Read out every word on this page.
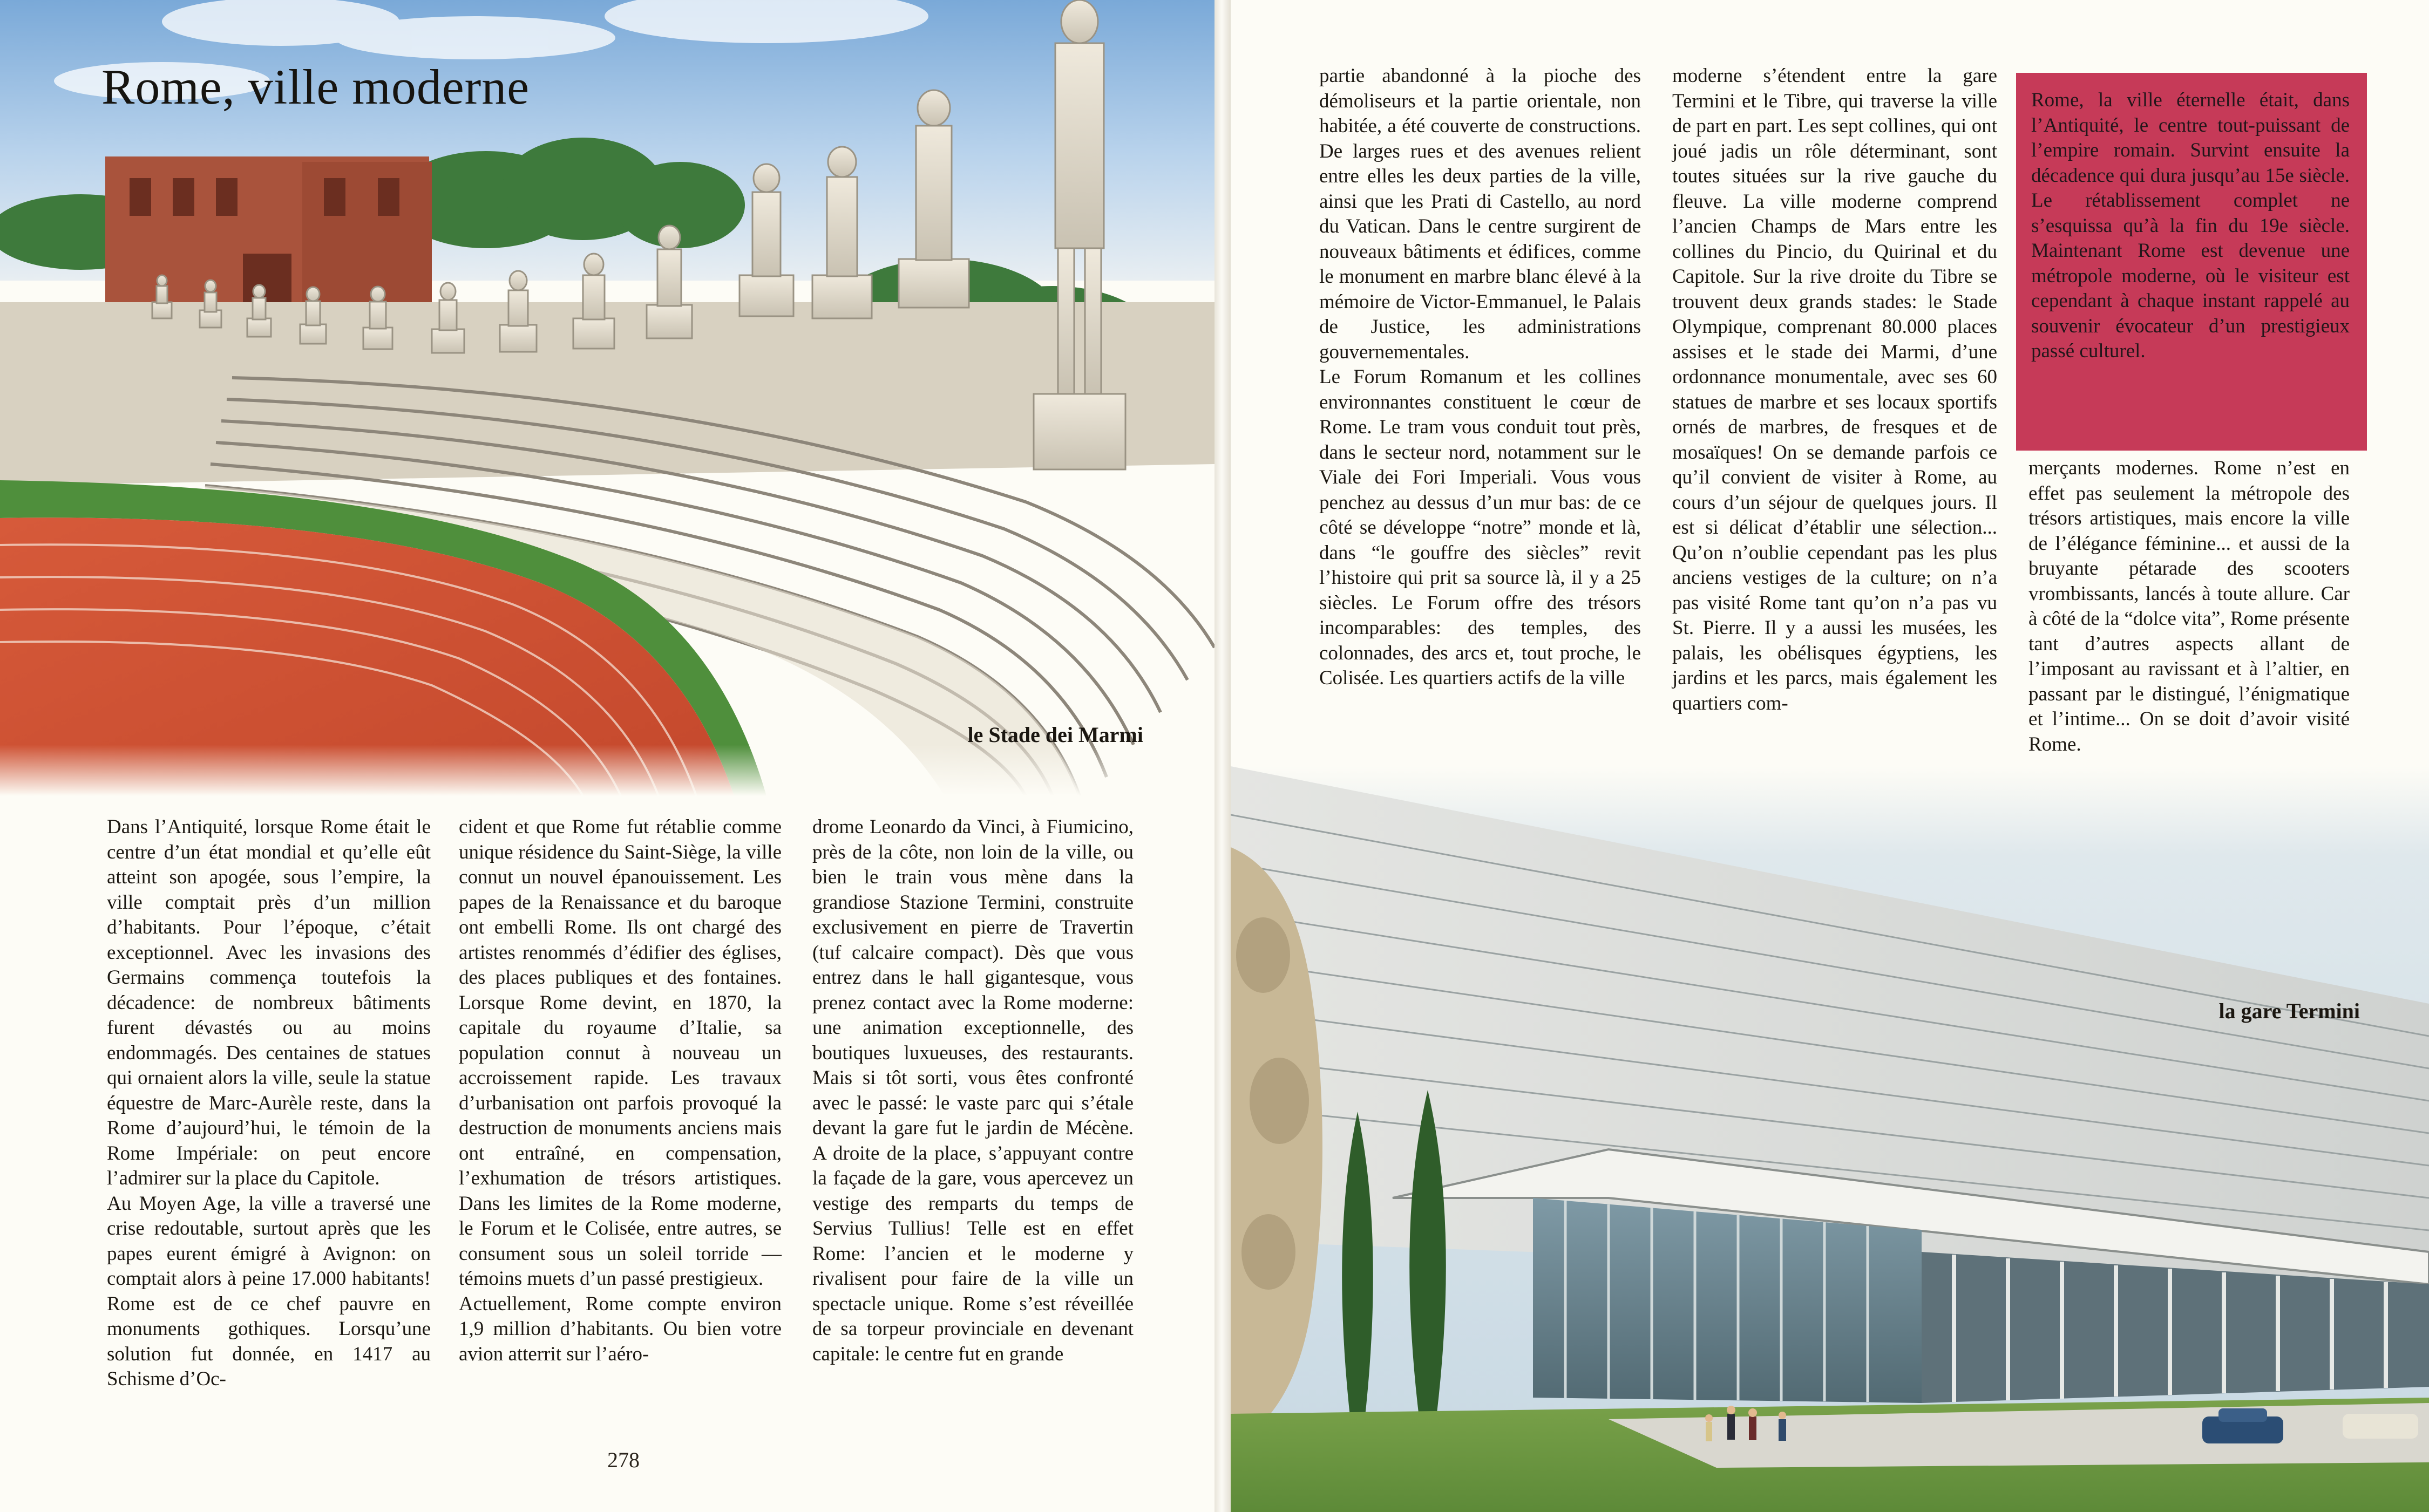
Rome, ville moderne
le Stade dei Marmi

Dans l’Antiquité, lorsque Rome était le centre d’un état mondial et qu’elle eût atteint son apogée, sous l’empire, la ville comptait près d’un million d’habitants. Pour l’époque, c’était exceptionnel. Avec les invasions des Germains commença toutefois la décadence: de nombreux bâtiments furent dévastés ou au moins endommagés. Des centaines de statues qui ornaient alors la ville, seule la statue équestre de Marc-Aurèle reste, dans la Rome d’aujourd’hui, le témoin de la Rome Impériale: on peut encore l’admirer sur la place du Capitole.

Au Moyen Age, la ville a traversé une crise redoutable, surtout après que les papes eurent émigré à Avignon: on comptait alors à peine 17.000 habitants! Rome est de ce chef pauvre en monuments gothiques. Lorsqu’une solution fut donnée, en 1417 au Schisme d’Oc-

cident et que Rome fut rétablie comme unique résidence du Saint-Siège, la ville connut un nouvel épanouissement. Les papes de la Renaissance et du baroque ont embelli Rome. Ils ont chargé des artistes renommés d’édifier des églises, des places publiques et des fontaines. Lorsque Rome devint, en 1870, la capitale du royaume d’Italie, sa population connut à nouveau un accroissement rapide. Les travaux d’urbanisation ont parfois provoqué la destruction de monuments anciens mais ont entraîné, en compensation, l’exhumation de trésors artistiques. Dans les limites de la Rome moderne, le Forum et le Colisée, entre autres, se consument sous un soleil torride — témoins muets d’un passé prestigieux.

Actuellement, Rome compte environ 1,9 million d’habitants. Ou bien votre avion atterrit sur l’aéro-

drome Leonardo da Vinci, à Fiumicino, près de la côte, non loin de la ville, ou bien le train vous mène dans la grandiose Stazione Termini, construite exclusivement en pierre de Travertin (tuf calcaire compact). Dès que vous entrez dans le hall gigantesque, vous prenez contact avec la Rome moderne: une animation exceptionnelle, des boutiques luxueuses, des restaurants. Mais si tôt sorti, vous êtes confronté avec le passé: le vaste parc qui s’étale devant la gare fut le jardin de Mécène. A droite de la place, s’appuyant contre la façade de la gare, vous apercevez un vestige des remparts du temps de Servius Tullius! Telle est en effet Rome: l’ancien et le moderne y rivalisent pour faire de la ville un spectacle unique. Rome s’est réveillée de sa torpeur provinciale en devenant capitale: le centre fut en grande

278

partie abandonné à la pioche des démoliseurs et la partie orientale, non habitée, a été couverte de constructions. De larges rues et des avenues relient entre elles les deux parties de la ville, ainsi que les Prati di Castello, au nord du Vatican. Dans le centre surgirent de nouveaux bâtiments et édifices, comme le monument en marbre blanc élevé à la mémoire de Victor-Emmanuel, le Palais de Justice, les administrations gouvernementales.

Le Forum Romanum et les collines environnantes constituent le cœur de Rome. Le tram vous conduit tout près, dans le secteur nord, notamment sur le Viale dei Fori Imperiali. Vous vous penchez au dessus d’un mur bas: de ce côté se développe “notre” monde et là, dans “le gouffre des siècles” revit l’histoire qui prit sa source là, il y a 25 siècles. Le Forum offre des trésors incomparables: des temples, des colonnades, des arcs et, tout proche, le Colisée. Les quartiers actifs de la ville

moderne s’étendent entre la gare Termini et le Tibre, qui traverse la ville de part en part. Les sept collines, qui ont joué jadis un rôle déterminant, sont toutes situées sur la rive gauche du fleuve. La ville moderne comprend l’ancien Champs de Mars entre les collines du Pincio, du Quirinal et du Capitole. Sur la rive droite du Tibre se trouvent deux grands stades: le Stade Olympique, comprenant 80.000 places assises et le stade dei Marmi, d’une ordonnance monumentale, avec ses 60 statues de marbre et ses locaux sportifs ornés de marbres, de fresques et de mosaïques! On se demande parfois ce qu’il convient de visiter à Rome, au cours d’un séjour de quelques jours. Il est si délicat d’établir une sélection... Qu’on n’oublie cependant pas les plus anciens vestiges de la culture; on n’a pas visité Rome tant qu’on n’a pas vu St. Pierre. Il y a aussi les musées, les palais, les obélisques égyptiens, les jardins et les parcs, mais également les quartiers com-

Rome, la ville éternelle était, dans l’Antiquité, le centre tout-puissant de l’empire romain. Survint ensuite la décadence qui dura jusqu’au 15e siècle. Le rétablissement complet ne s’esquissa qu’à la fin du 19e siècle. Maintenant Rome est devenue une métropole moderne, où le visiteur est cependant à chaque instant rappelé au souvenir évocateur d’un prestigieux passé culturel.

merçants modernes. Rome n’est en effet pas seulement la métropole des trésors artistiques, mais encore la ville de l’élégance féminine... et aussi de la bruyante pétarade des scooters vrombissants, lancés à toute allure. Car à côté de la “dolce vita”, Rome présente tant d’autres aspects allant de l’imposant au ravissant et à l’altier, en passant par le distingué, l’énigmatique et l’intime... On se doit d’avoir visité Rome.

la gare Termini
